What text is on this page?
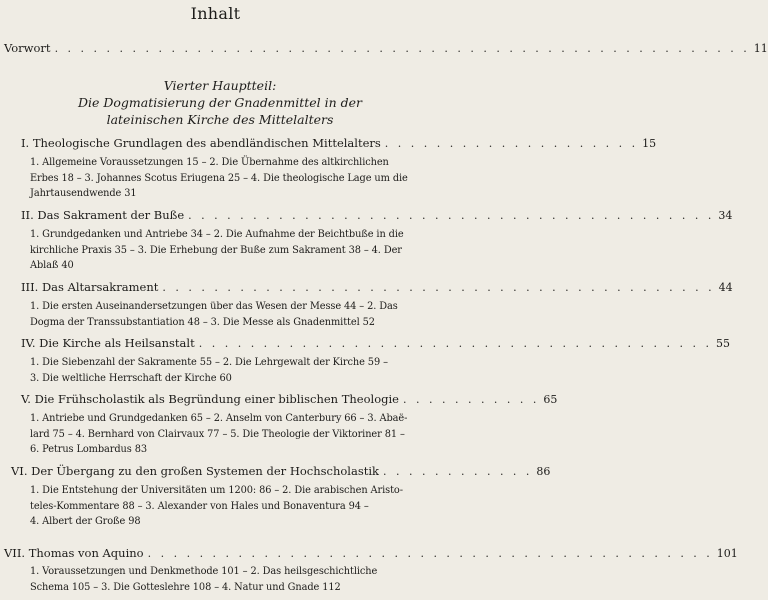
Inhalt
Vorwort . . . . . . . . . . . . . . . . . . . . . . . . . . . . . . . . . . . . . . . . . . . . . . . . . . . . . . 11
Vierter Hauptteil:
Die Dogmatisierung der Gnadenmittel in der
lateinischen Kirche des Mittelalters
I. Theologische Grundlagen des abendländischen Mittelalters . . . . . . . . . . . . . . . . . . . . 15
1. Allgemeine Voraussetzungen 15 – 2. Die Übernahme des altkirchlichen
Erbes 18 – 3. Johannes Scotus Eriugena 25 – 4. Die theologische Lage um die
Jahrtausendwende 31
II. Das Sakrament der Buße . . . . . . . . . . . . . . . . . . . . . . . . . . . . . . . . . . . . . . . . . 34
1. Grundgedanken und Antriebe 34 – 2. Die Aufnahme der Beichtbuße in die
kirchliche Praxis 35 – 3. Die Erhebung der Buße zum Sakrament 38 – 4. Der
Ablaß 40
III. Das Altarsakrament . . . . . . . . . . . . . . . . . . . . . . . . . . . . . . . . . . . . . . . . . . . 44
1. Die ersten Auseinandersetzungen über das Wesen der Messe 44 – 2. Das
Dogma der Transsubstantiation 48 – 3. Die Messe als Gnadenmittel 52
IV. Die Kirche als Heilsanstalt . . . . . . . . . . . . . . . . . . . . . . . . . . . . . . . . . . . . . . . . 55
1. Die Siebenzahl der Sakramente 55 – 2. Die Lehrgewalt der Kirche 59 –
3. Die weltliche Herrschaft der Kirche 60
V. Die Frühscholastik als Begründung einer biblischen Theologie . . . . . . . . . . . 65
1. Antriebe und Grundgedanken 65 – 2. Anselm von Canterbury 66 – 3. Abaë-
lard 75 – 4. Bernhard von Clairvaux 77 – 5. Die Theologie der Viktoriner 81 –
6. Petrus Lombardus 83
VI. Der Übergang zu den großen Systemen der Hochscholastik . . . . . . . . . . . . 86
1. Die Entstehung der Universitäten um 1200: 86 – 2. Die arabischen Aristo-
teles-Kommentare 88 – 3. Alexander von Hales und Bonaventura 94 –
4. Albert der Große 98
VII. Thomas von Aquino . . . . . . . . . . . . . . . . . . . . . . . . . . . . . . . . . . . . . . . . . . . . 101
1. Voraussetzungen und Denkmethode 101 – 2. Das heilsgeschichtliche
Schema 105 – 3. Die Gotteslehre 108 – 4. Natur und Gnade 112
